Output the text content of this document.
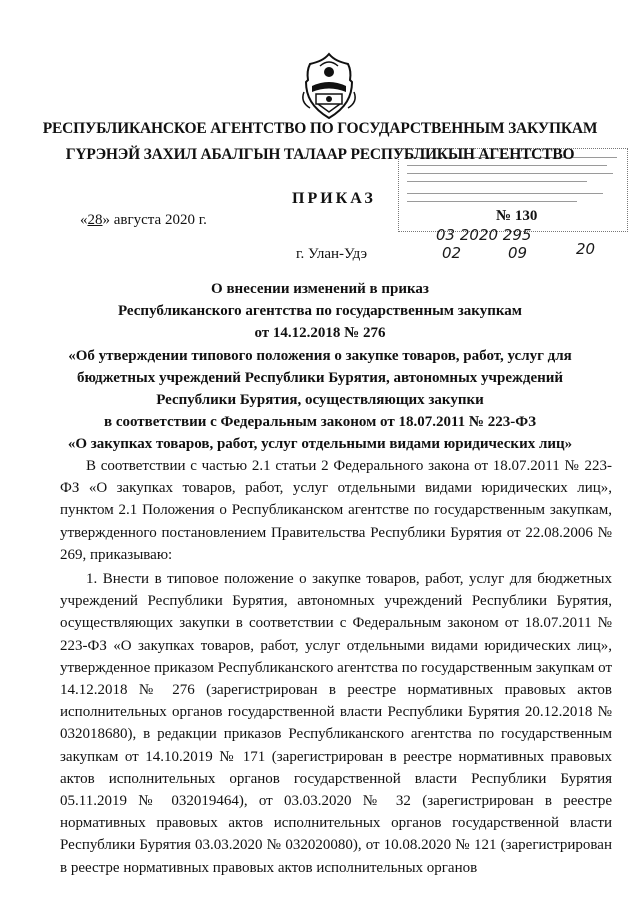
РЕСПУБЛИКАНСКОЕ АГЕНТСТВО ПО ГОСУДАРСТВЕННЫМ ЗАКУПКАМ
ГҮРЭНЭЙ ЗАХИЛ АБАЛГЫН ТАЛААР РЕСПУБЛИКЫН АГЕНТСТВО
ПРИКАЗ
«28» августа 2020 г.	№ 130
03 2020 295
02	09	20
г. Улан-Удэ
О внесении изменений в приказ
Республиканского агентства по государственным закупкам
от 14.12.2018 № 276
«Об утверждении типового положения о закупке товаров, работ, услуг для
бюджетных учреждений Республики Бурятия, автономных учреждений
Республики Бурятия, осуществляющих закупки
в соответствии с Федеральным законом от 18.07.2011 № 223-ФЗ
«О закупках товаров, работ, услуг отдельными видами юридических лиц»

В соответствии с частью 2.1 статьи 2 Федерального закона от 18.07.2011 № 223-ФЗ «О закупках товаров, работ, услуг отдельными видами юридических лиц», пунктом 2.1 Положения о Республиканском агентстве по государственным закупкам, утвержденного постановлением Правительства Республики Бурятия от 22.08.2006 № 269, приказываю:

1. Внести в типовое положение о закупке товаров, работ, услуг для бюджетных учреждений Республики Бурятия, автономных учреждений Республики Бурятия, осуществляющих закупки в соответствии с Федеральным законом от 18.07.2011 № 223-ФЗ «О закупках товаров, работ, услуг отдельными видами юридических лиц», утвержденное приказом Республиканского агентства по государственным закупкам от 14.12.2018 № 276 (зарегистрирован в реестре нормативных правовых актов исполнительных органов государственной власти Республики Бурятия 20.12.2018 № 032018680), в редакции приказов Республиканского агентства по государственным закупкам от 14.10.2019 № 171 (зарегистрирован в реестре нормативных правовых актов исполнительных органов государственной власти Республики Бурятия 05.11.2019 № 032019464), от 03.03.2020 № 32 (зарегистрирован в реестре нормативных правовых актов исполнительных органов государственной власти Республики Бурятия 03.03.2020 № 032020080), от 10.08.2020 № 121 (зарегистрирован в реестре нормативных правовых актов исполнительных органов
